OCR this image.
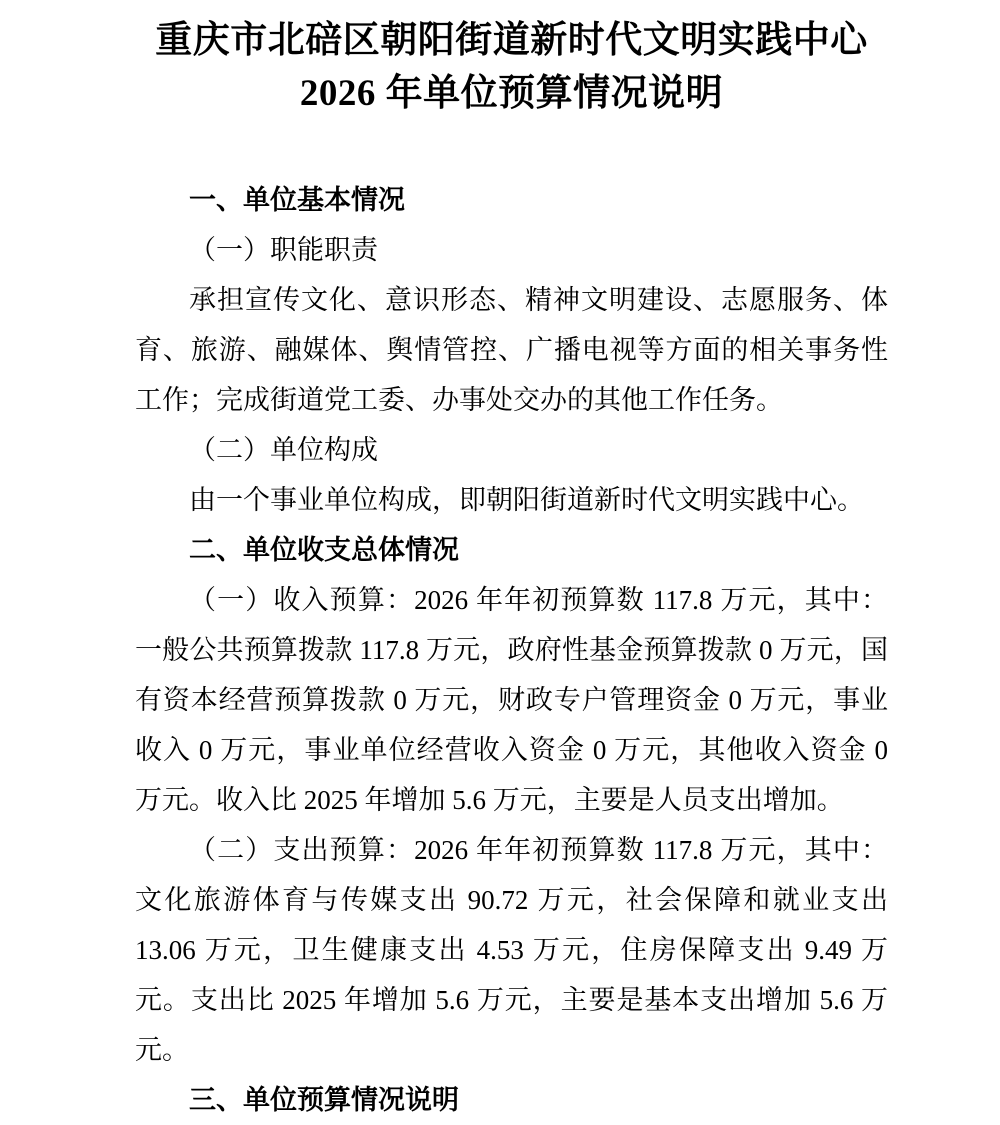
重庆市北碚区朝阳街道新时代文明实践中心
2026 年单位预算情况说明
一、单位基本情况
（一）职能职责

承担宣传文化、意识形态、精神文明建设、志愿服务、体育、旅游、融媒体、舆情管控、广播电视等方面的相关事务性工作；完成街道党工委、办事处交办的其他工作任务。

（二）单位构成

由一个事业单位构成，即朝阳街道新时代文明实践中心。

二、单位收支总体情况

（一）收入预算：2026 年年初预算数 117.8 万元，其中：一般公共预算拨款 117.8 万元，政府性基金预算拨款 0 万元，国有资本经营预算拨款 0 万元，财政专户管理资金 0 万元，事业收入 0 万元，事业单位经营收入资金 0 万元，其他收入资金 0 万元。收入比 2025 年增加 5.6 万元，主要是人员支出增加。

（二）支出预算：2026 年年初预算数 117.8 万元，其中：文化旅游体育与传媒支出 90.72 万元，社会保障和就业支出 13.06 万元，卫生健康支出 4.53 万元，住房保障支出 9.49 万元。支出比 2025 年增加 5.6 万元，主要是基本支出增加 5.6 万元。

三、单位预算情况说明
